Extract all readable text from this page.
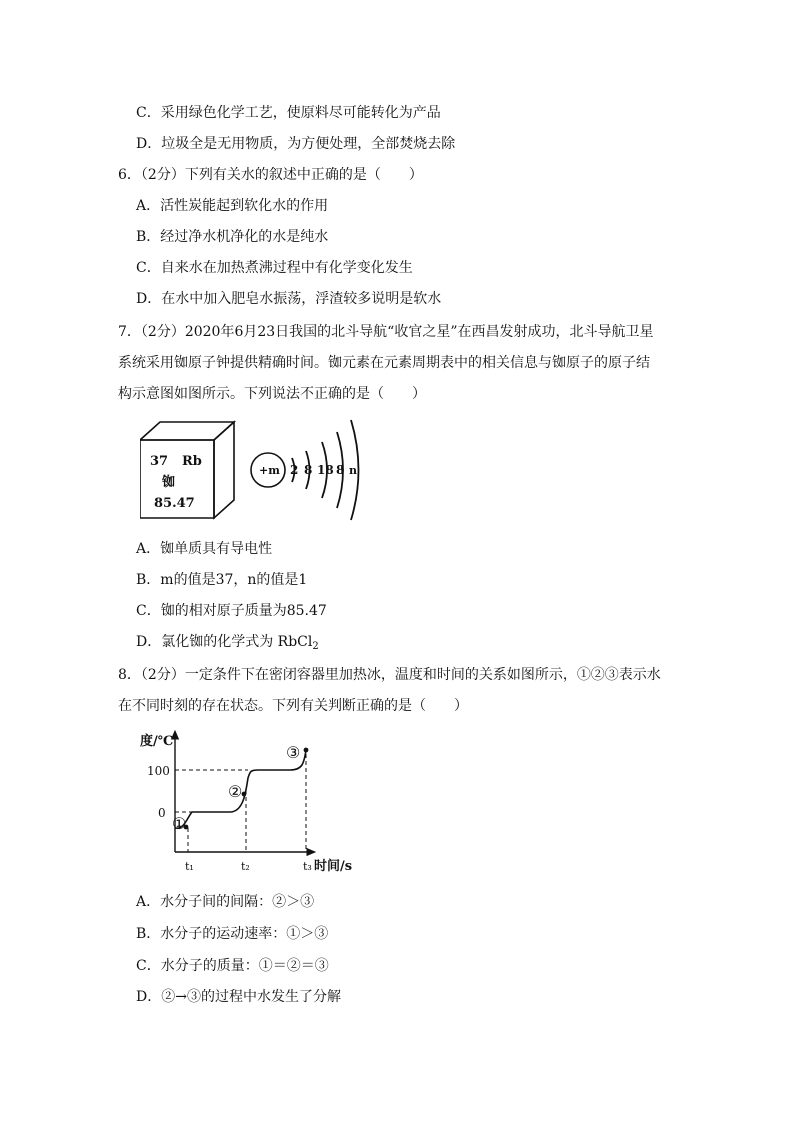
C．采用绿色化学工艺，使原料尽可能转化为产品
D．垃圾全是无用物质，为方便处理，全部焚烧去除
6．（2分）下列有关水的叙述中正确的是（　　）
A．活性炭能起到软化水的作用
B．经过净水机净化的水是纯水
C．自来水在加热煮沸过程中有化学变化发生
D．在水中加入肥皂水振荡，浮渣较多说明是软水
7．（2分）2020年6月23日我国的北斗导航“收官之星”在西昌发射成功，北斗导航卫星
系统采用铷原子钟提供精确时间。铷元素在元素周期表中的相关信息与铷原子的原子结
构示意图如图所示。下列说法不正确的是（　　）
37 Rb
铷
85.47
+m 2 8 18 8 n
A．铷单质具有导电性
B．m的值是37，n的值是1
C．铷的相对原子质量为85.47
D．氯化铷的化学式为 RbCl$_2$
8．（2分）一定条件下在密闭容器里加热冰，温度和时间的关系如图所示，①②③表示水
在不同时刻的存在状态。下列有关判断正确的是（　　）
度/℃
100
0
t₁	t₂	t₃ 时间/s
①
②
③
A．水分子间的间隔：②＞③
B．水分子的运动速率：①＞③
C．水分子的质量：①＝②＝③
D．②→③的过程中水发生了分解
